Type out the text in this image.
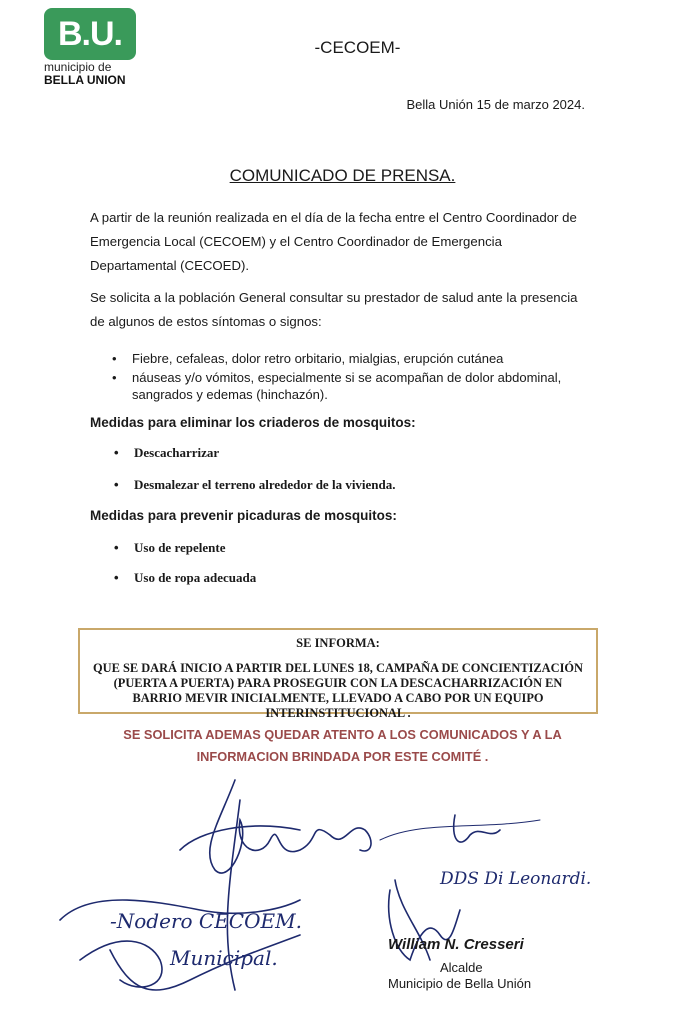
B.U.
municipio de
BELLA UNION
-CECOEM-
Bella Unión 15 de marzo 2024.
COMUNICADO DE PRENSA.
A partir de la reunión realizada en el día de la fecha entre el Centro Coordinador de Emergencia Local (CECOEM) y el Centro Coordinador de Emergencia Departamental (CECOED).
Se solicita a la población General consultar su prestador de salud ante la presencia de algunos de estos síntomas o signos:
• Fiebre, cefaleas, dolor retro orbitario, mialgias, erupción cutánea
• náuseas y/o vómitos, especialmente si se acompañan de dolor abdominal, sangrados y edemas (hinchazón).
Medidas para eliminar los criaderos de mosquitos:
• Descacharrizar
• Desmalezar el terreno alrededor de la vivienda.
Medidas para prevenir picaduras de mosquitos:
• Uso de repelente
• Uso de ropa adecuada
SE INFORMA:
QUE SE DARÁ INICIO A PARTIR DEL LUNES 18, CAMPAÑA DE CONCIENTIZACIÓN (PUERTA A PUERTA) PARA PROSEGUIR CON LA DESCACHARRIZACIÓN EN BARRIO MEVIR INICIALMENTE, LLEVADO A CABO POR UN EQUIPO INTERINSTITUCIONAL .
SE SOLICITA ADEMAS QUEDAR ATENTO A LOS COMUNICADOS Y A LA
INFORMACION BRINDADA POR ESTE COMITÉ .
-Nodero CECOEM.
Municipal.
DDS Di Leonardi.
William N. Cresseri
Alcalde
Municipio de Bella Unión
